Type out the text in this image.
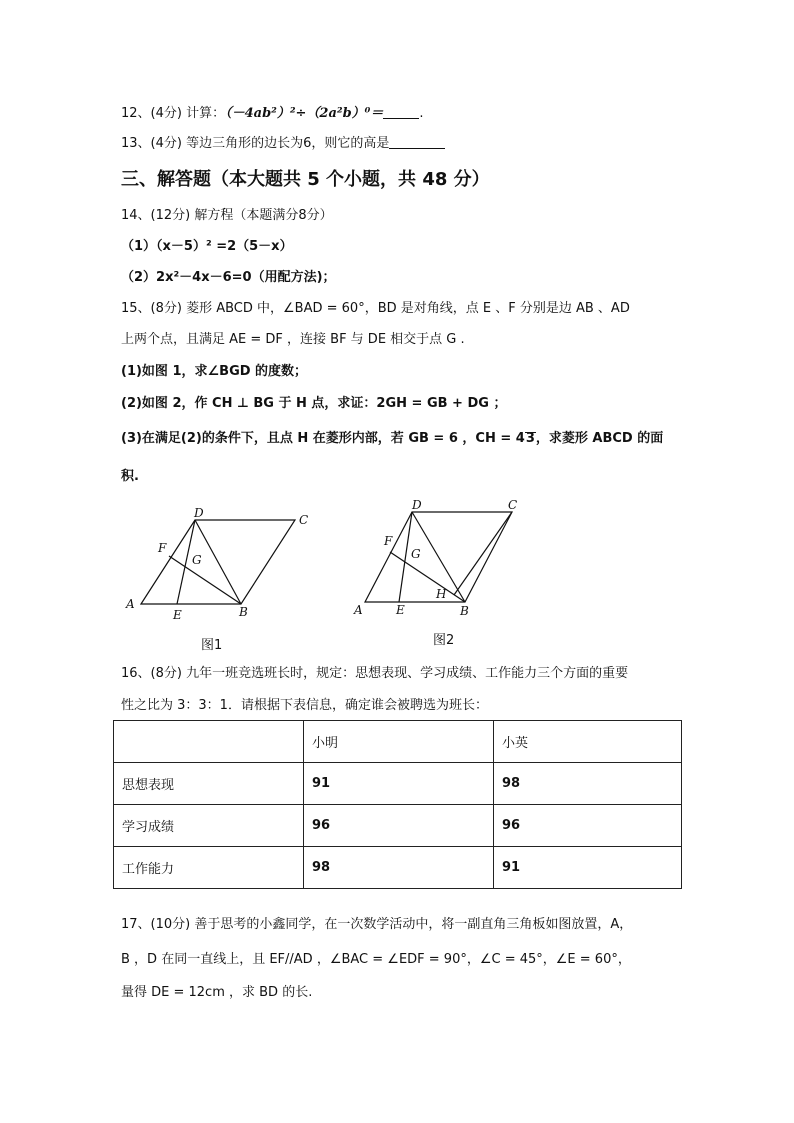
12、(4分) 计算：（－4ab²）²÷（2a²b）⁰＝	.
13、(4分) 等边三角形的边长为6，则它的高是
三、解答题（本大题共 5 个小题，共 48 分）
14、(12分) 解方程（本题满分8分）
（1）（x－5）² =2（5－x）
（2）2x²－4x－6=0（用配方法)；
15、(8分) 菱形 ABCD 中，∠BAD = 60°，BD 是对角线，点 E 、F 分别是边 AB 、AD
上两个点，且满足 AE = DF ，连接 BF 与 DE 相交于点 G .
(1)如图 1，求∠BGD 的度数；
(2)如图 2，作 CH ⊥ BG 于 H 点，求证：2GH = GB + DG ；
(3)在满足(2)的条件下，且点 H 在菱形内部，若 GB = 6 ，CH = 43，求菱形 ABCD 的面
积.
A
B
C
D
E
F
G
图1
A	B
C
D
E
F
G
H
图2
16、(8分) 九年一班竞选班长时，规定：思想表现、学习成绩、工作能力三个方面的重要
性之比为 3：3：1．请根据下表信息，确定谁会被聘选为班长：
	小明	小英
思想表现	91	98
学习成绩	96	96
工作能力	98	91
17、(10分) 善于思考的小鑫同学，在一次数学活动中，将一副直角三角板如图放置，A，
B ，D 在同一直线上，且 EF//AD ，∠BAC = ∠EDF = 90°，∠C = 45°，∠E = 60°，
量得 DE = 12cm ，求 BD 的长.
